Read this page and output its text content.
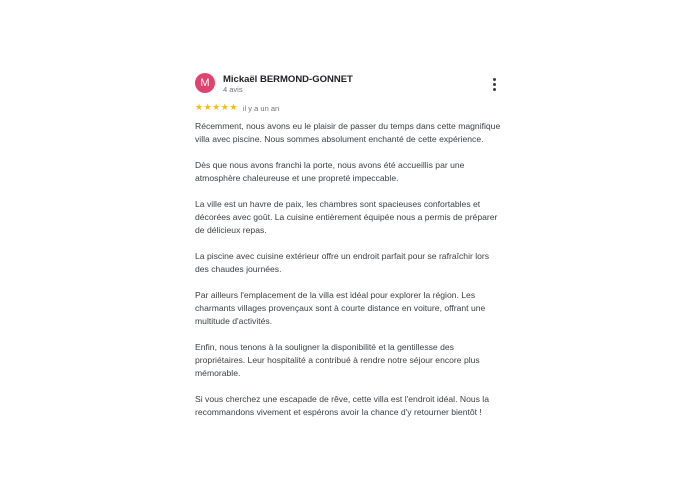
M	Mickaël BERMOND-GONNET
4 avis
★ ★ ★ ★ ★ il y a un an

Récemment, nous avons eu le plaisir de passer du temps dans cette magnifique villa avec piscine. Nous sommes absolument enchanté de cette expérience.

Dès que nous avons franchi la porte, nous avons été accueillis par une atmosphère chaleureuse et une propreté impeccable.

La ville est un havre de paix, les chambres sont spacieuses confortables et décorées avec goût. La cuisine entièrement équipée nous a permis de préparer de délicieux repas.

La piscine avec cuisine extérieur offre un endroit parfait pour se rafraîchir lors des chaudes journées.

Par ailleurs l'emplacement de la villa est idéal pour explorer la région. Les charmants villages provençaux sont à courte distance en voiture, offrant une multitude d'activités.

Enfin, nous tenons à la souligner la disponibilité et la gentillesse des propriétaires. Leur hospitalité a contribué à rendre notre séjour encore plus mémorable.

Si vous cherchez une escapade de rêve, cette villa est l'endroit idéal. Nous la recommandons vivement et espérons avoir la chance d'y retourner bientôt !
